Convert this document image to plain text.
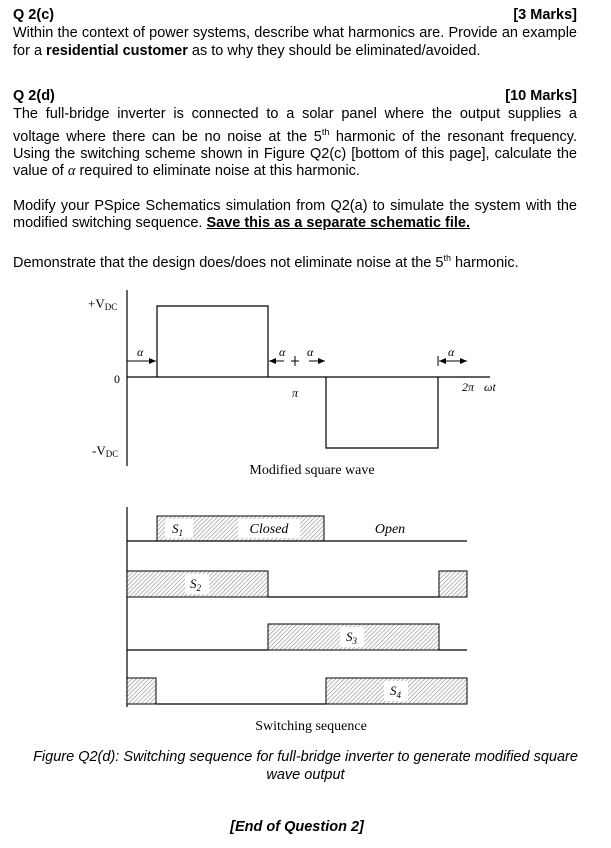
Q 2(c)	[3 Marks]
Within the context of power systems, describe what harmonics are. Provide an example for a residential customer as to why they should be eliminated/avoided.
Q 2(d)	[10 Marks]
The full-bridge inverter is connected to a solar panel where the output supplies a voltage where there can be no noise at the 5th harmonic of the resonant frequency. Using the switching scheme shown in Figure Q2(c) [bottom of this page], calculate the value of α required to eliminate noise at this harmonic.
Modify your PSpice Schematics simulation from Q2(a) to simulate the system with the modified switching sequence. Save this as a separate schematic file.
Demonstrate that the design does/does not eliminate noise at the 5th harmonic.
+VDC
0
-VDC
α	α α	α
π	2π ωt
Modified square wave
$S_1$	Closed	Open
$S_2$
$S_3$
$S_4$
Switching sequence
Figure Q2(d): Switching sequence for full-bridge inverter to generate modified square
wave output
[End of Question 2]
